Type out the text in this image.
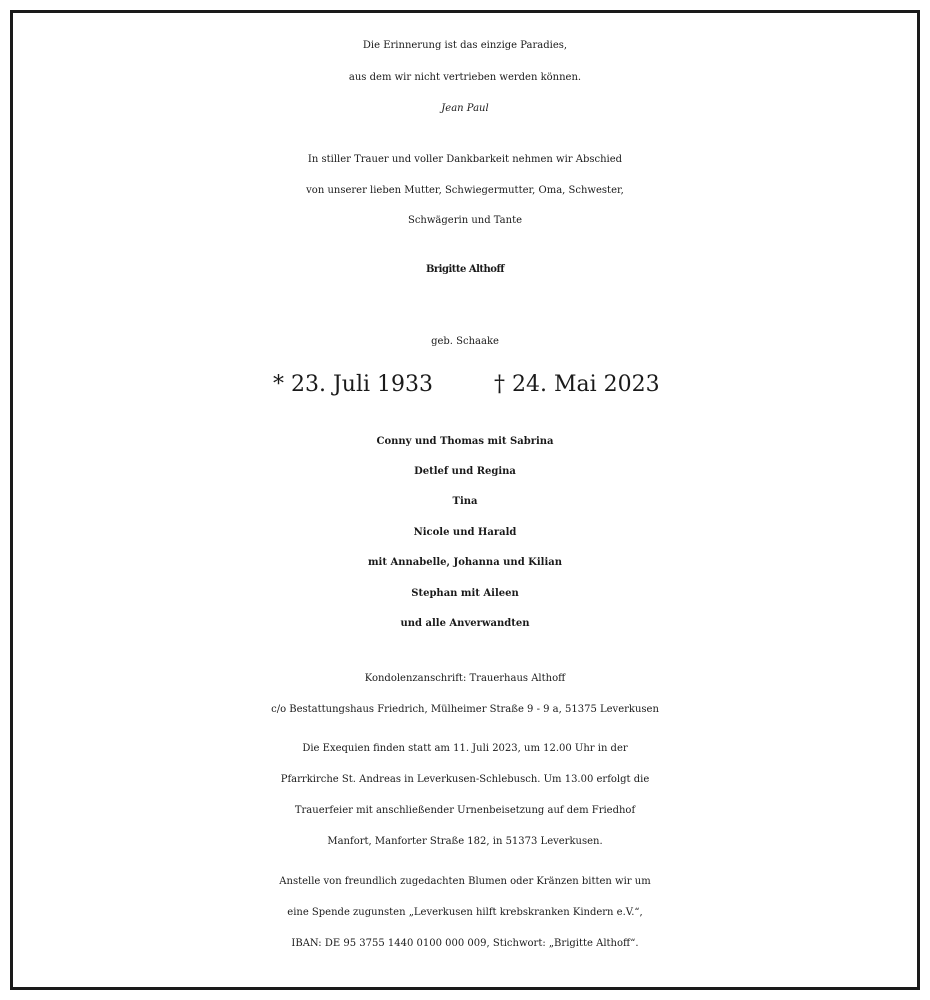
Die Erinnerung ist das einzige Paradies,
aus dem wir nicht vertrieben werden können.
Jean Paul
In stiller Trauer und voller Dankbarkeit nehmen wir Abschied
von unserer lieben Mutter, Schwiegermutter, Oma, Schwester,
Schwägerin und Tante
Brigitte Althoff
geb. Schaake
* 23. Juli 1933	† 24. Mai 2023
Conny und Thomas mit Sabrina
Detlef und Regina
Tina
Nicole und Harald
mit Annabelle, Johanna und Kilian
Stephan mit Aileen
und alle Anverwandten
Kondolenzanschrift: Trauerhaus Althoff
c/o Bestattungshaus Friedrich, Mülheimer Straße 9 - 9 a, 51375 Leverkusen
Die Exequien finden statt am 11. Juli 2023, um 12.00 Uhr in der
Pfarrkirche St. Andreas in Leverkusen-Schlebusch. Um 13.00 erfolgt die
Trauerfeier mit anschließender Urnenbeisetzung auf dem Friedhof
Manfort, Manforter Straße 182, in 51373 Leverkusen.
Anstelle von freundlich zugedachten Blumen oder Kränzen bitten wir um
eine Spende zugunsten „Leverkusen hilft krebskranken Kindern e.V.“,
IBAN: DE 95 3755 1440 0100 000 009, Stichwort: „Brigitte Althoff“.
